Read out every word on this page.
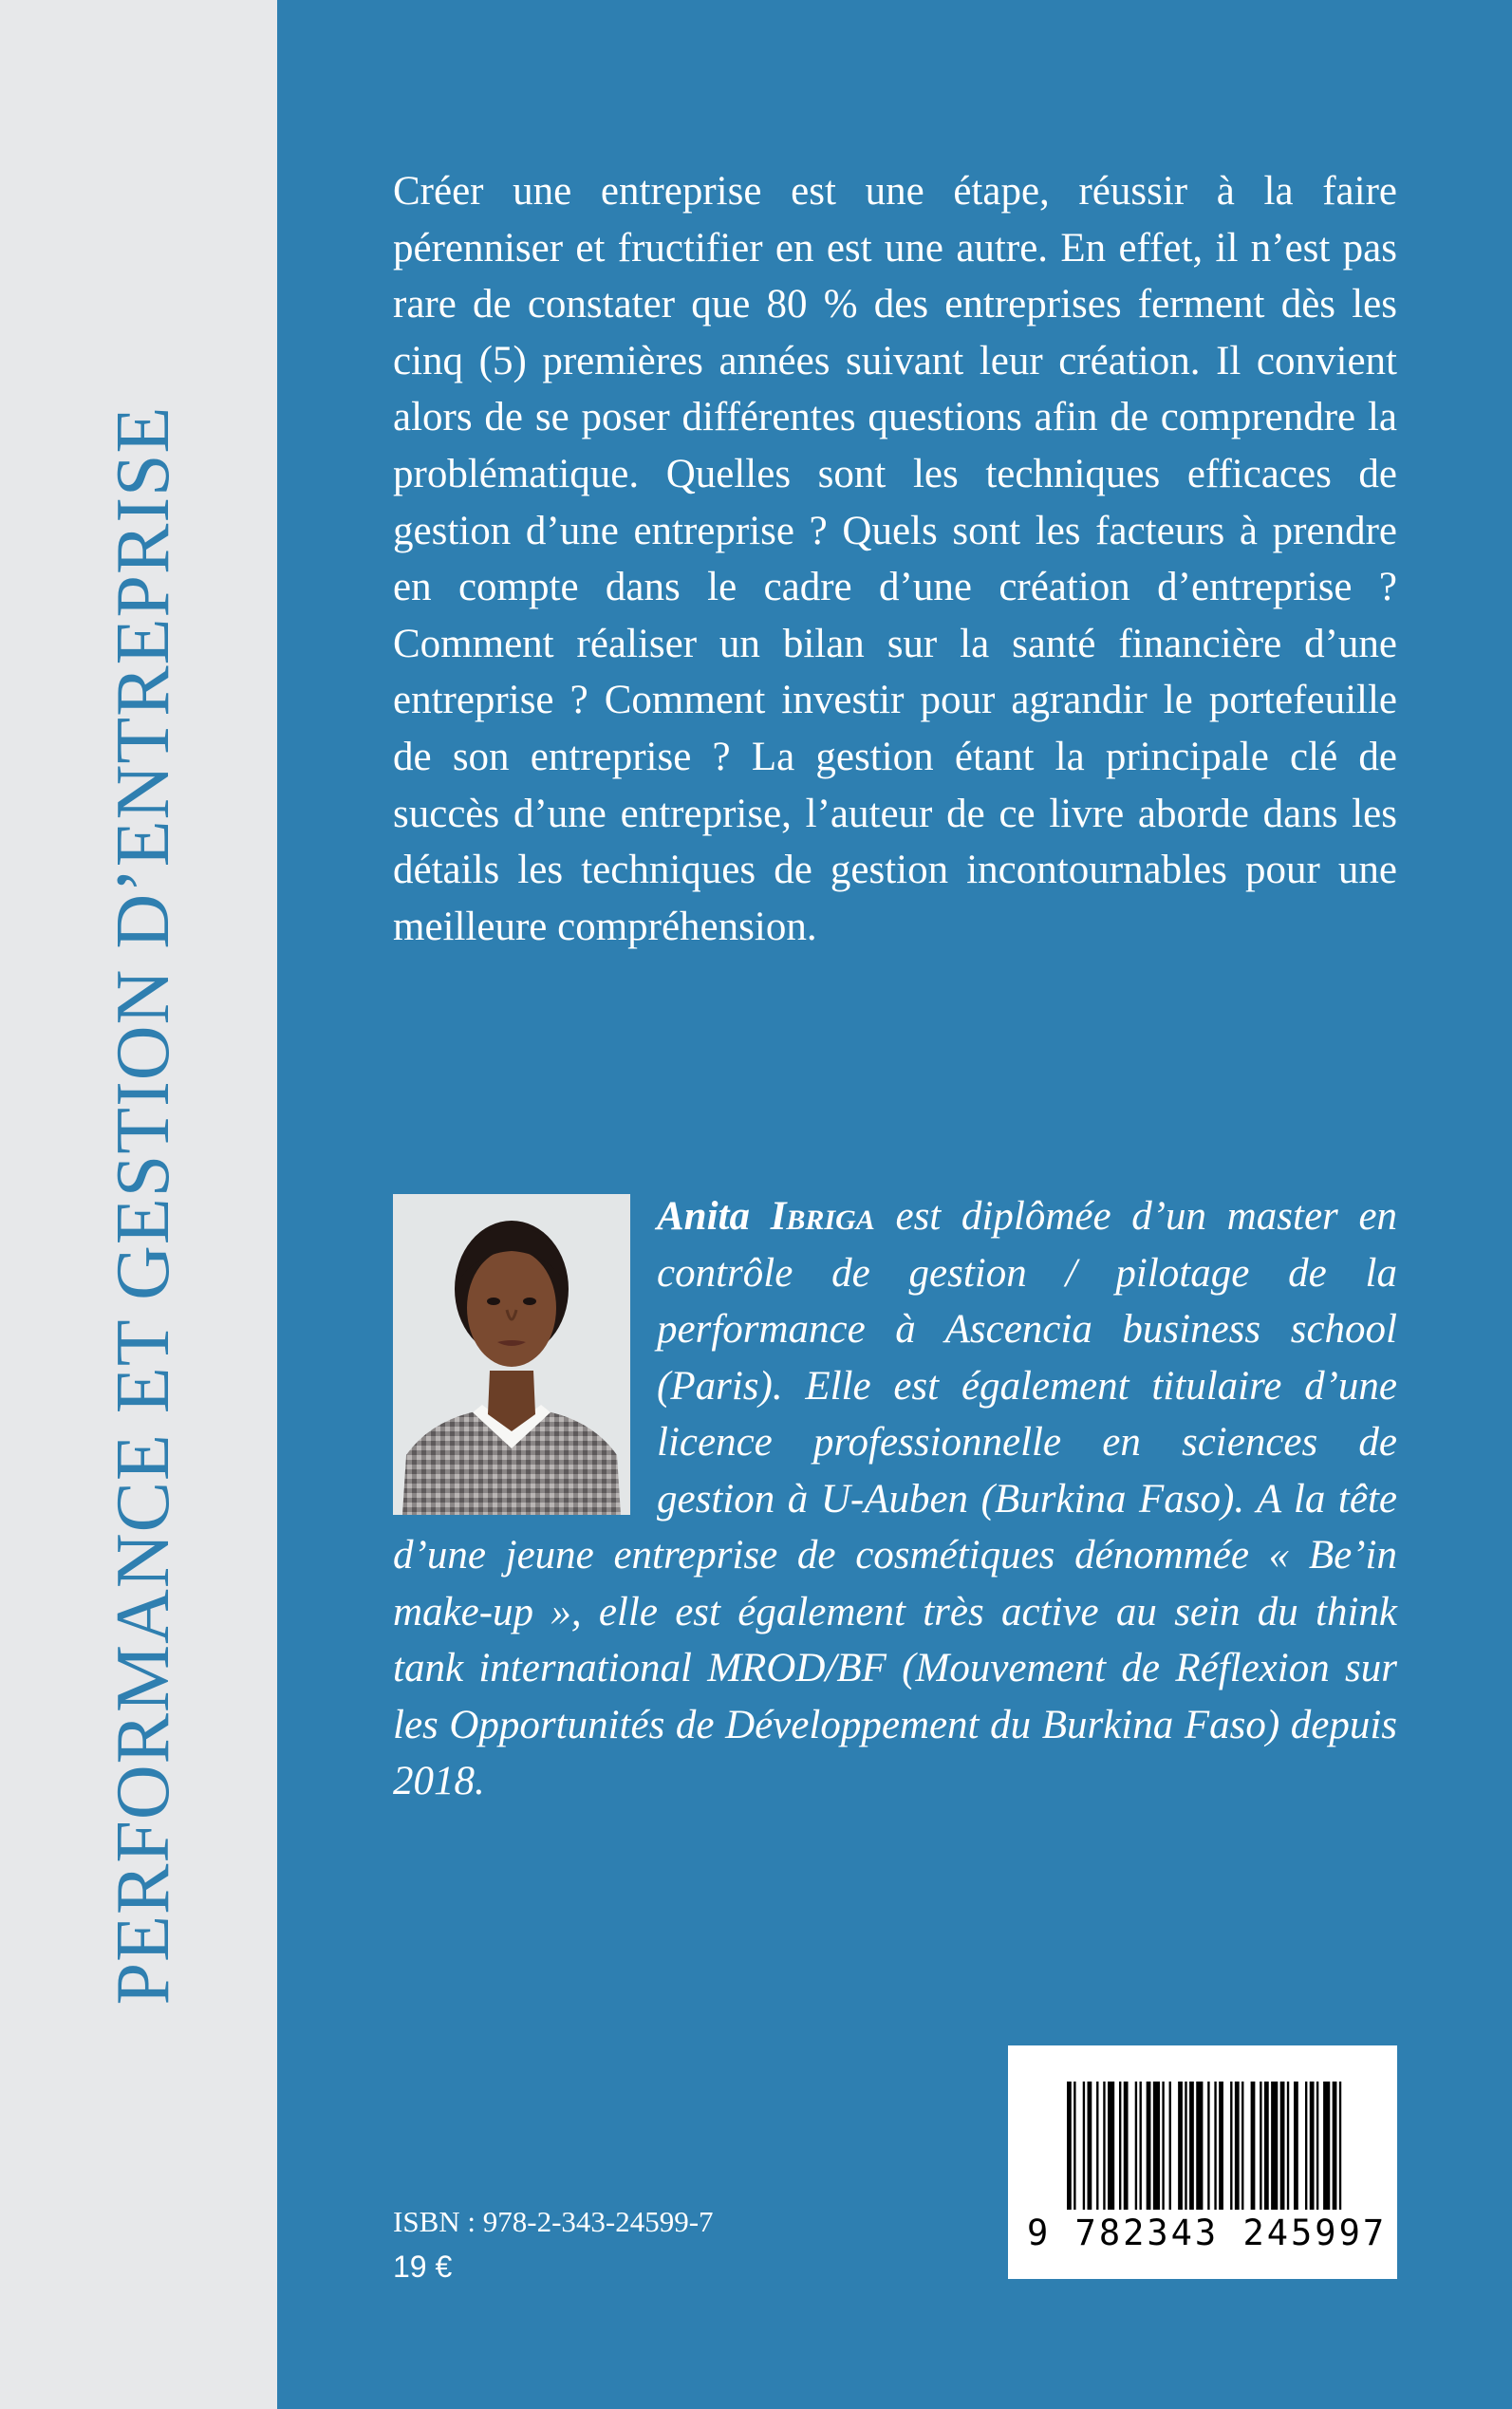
PERFORMANCE ET GESTION D’ENTREPRISE

Créer une entreprise est une étape, réussir à la faire pérenniser et fructifier en est une autre. En effet, il n’est pas rare de constater que 80 % des entreprises ferment dès les cinq (5) premières années suivant leur création. Il convient alors de se poser différentes questions afin de comprendre la problématique. Quelles sont les techniques efficaces de gestion d’une entreprise ? Quels sont les facteurs à prendre en compte dans le cadre d’une création d’entreprise ? Comment réaliser un bilan sur la santé financière d’une entreprise ? Comment investir pour agrandir le portefeuille de son entreprise ? La gestion étant la principale clé de succès d’une entreprise, l’auteur de ce livre aborde dans les détails les techniques de gestion incontournables pour une meilleure compréhension.

Anita Ibriga est diplômée d’un master en contrôle de gestion / pilotage de la performance à Ascencia business school (Paris). Elle est également titulaire d’une licence professionnelle en sciences de gestion à U-Auben (Burkina Faso). A la tête d’une jeune entreprise de cosmétiques dénommée « Be’in make-up », elle est également très active au sein du think tank international MROD/BF (Mouvement de Réflexion sur les Opportunités de Développement du Burkina Faso) depuis 2018.

ISBN : 978-2-343-24599-7
19 €
9 782343 245997
